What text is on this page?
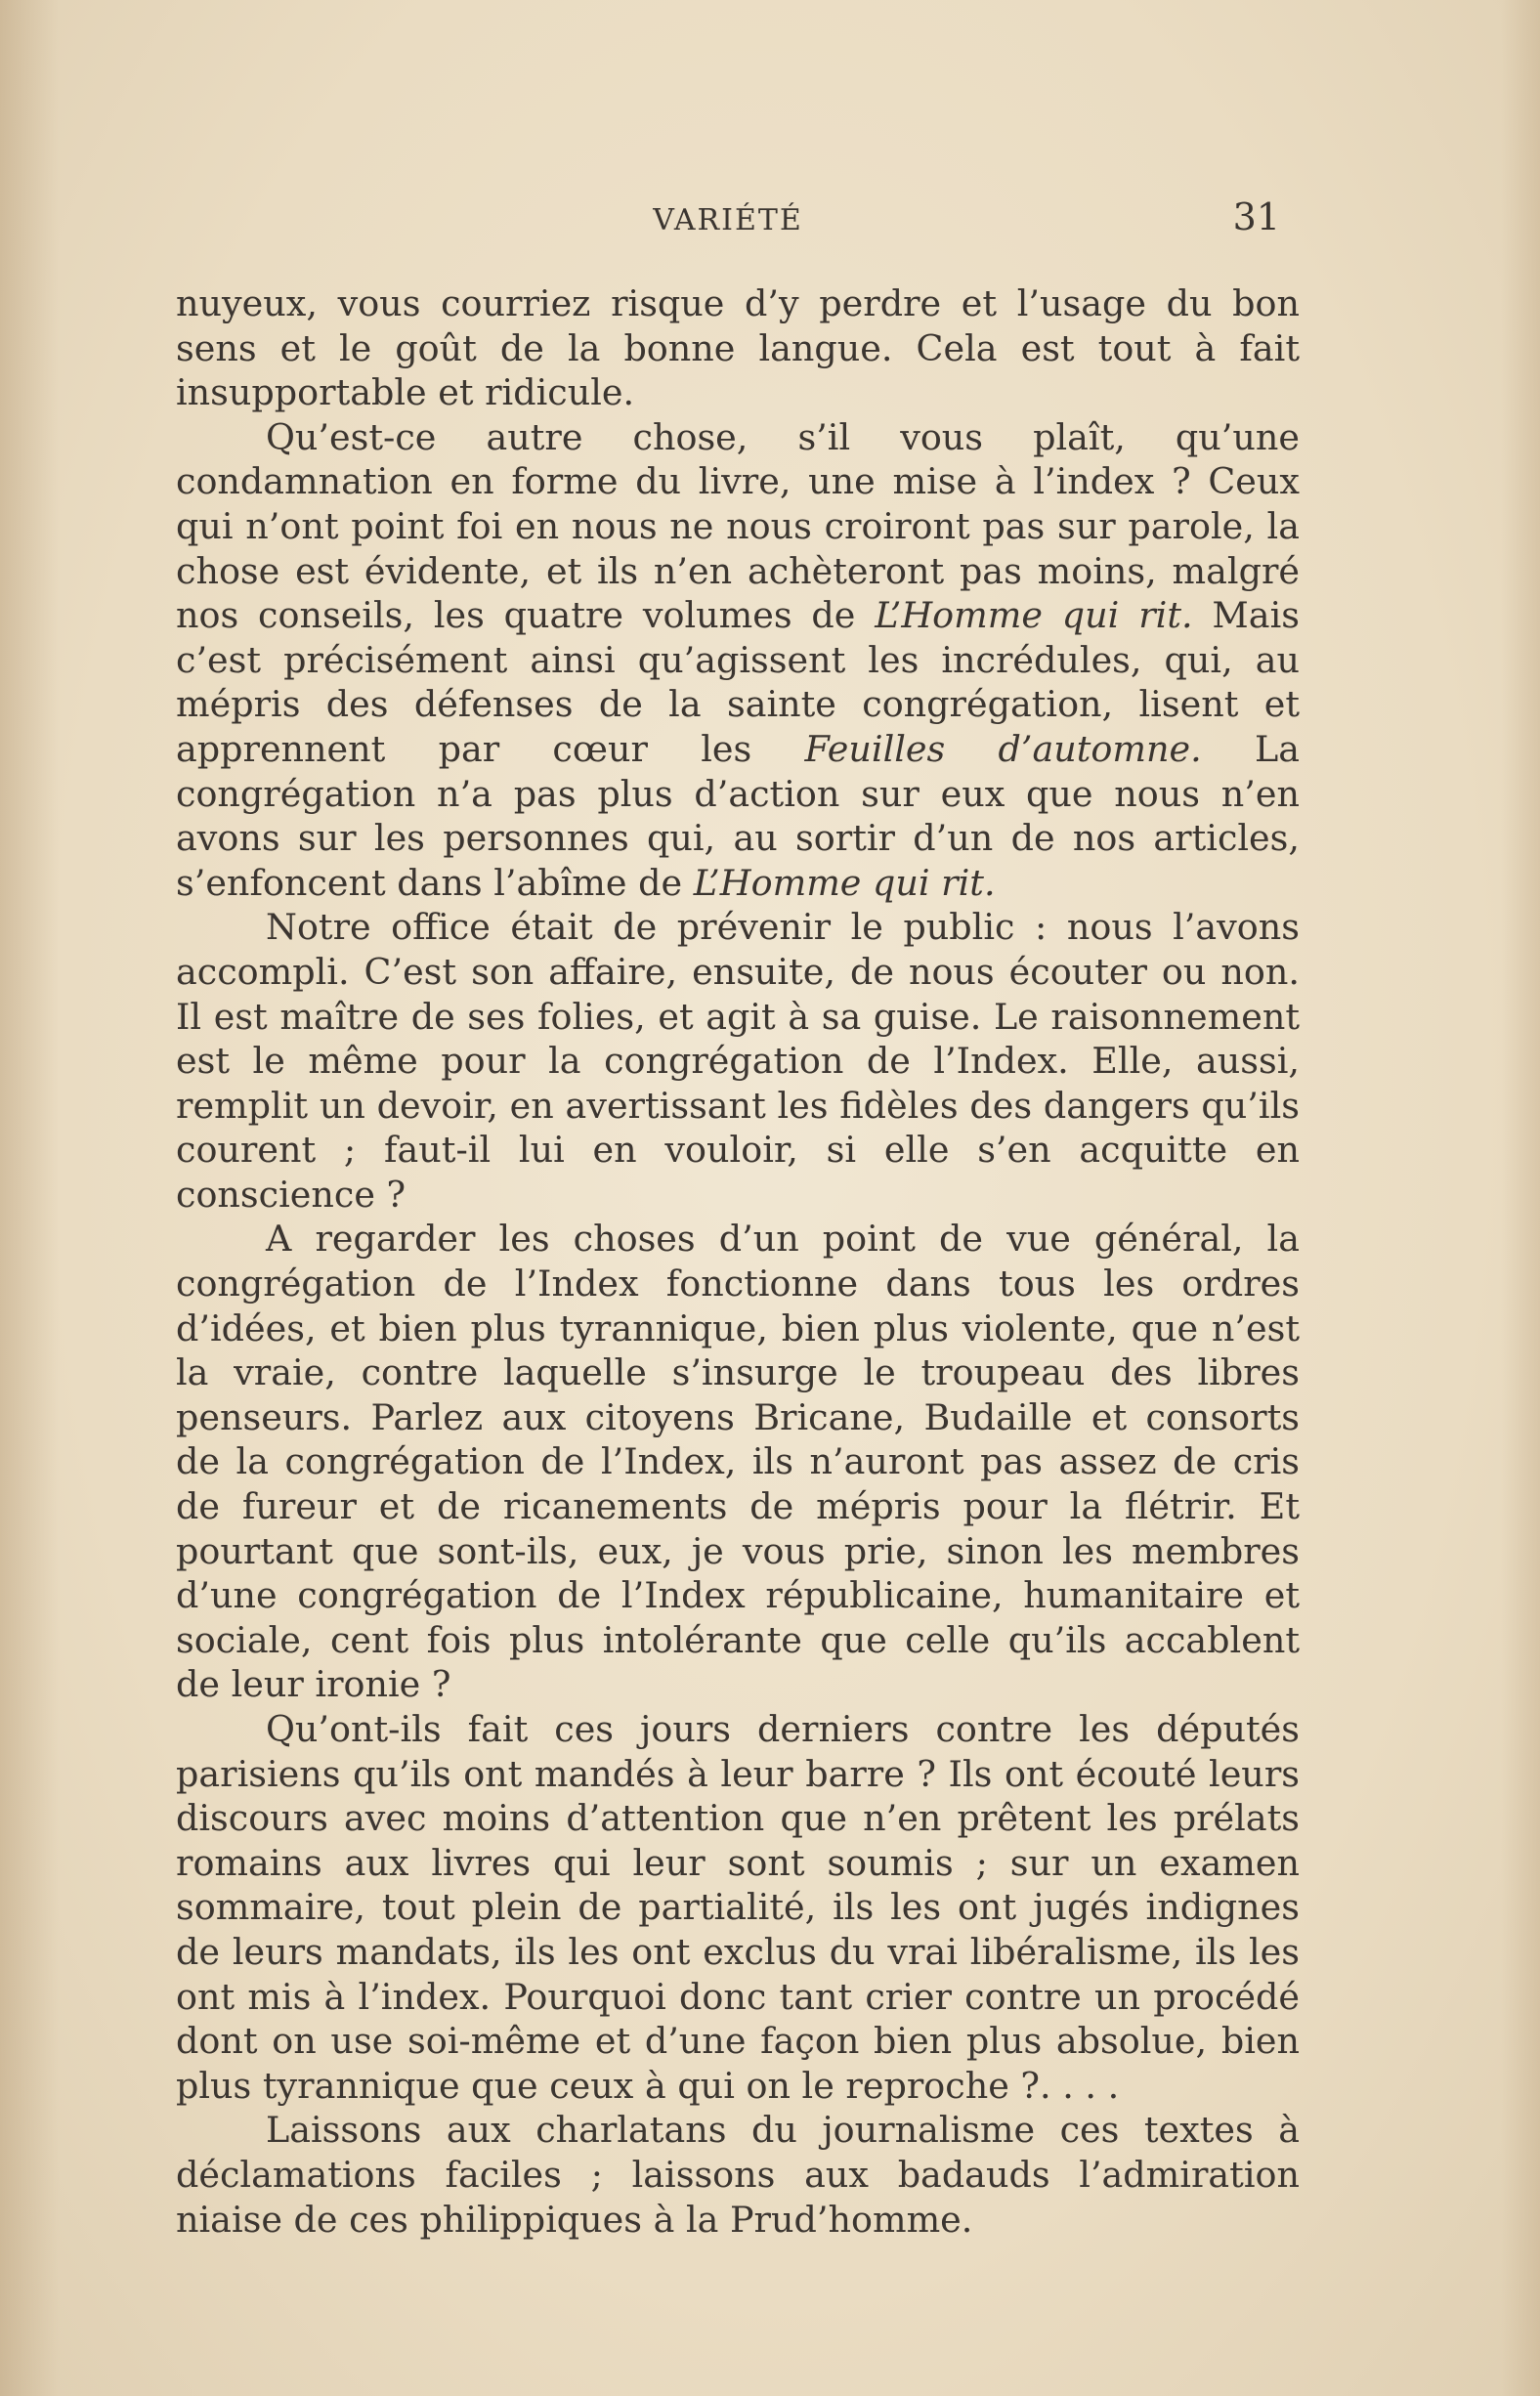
VARIÉTÉ	31

nuyeux, vous courriez risque d’y perdre et l’usage du bon sens et le goût de la bonne langue. Cela est tout à fait insupportable et ridicule.

Qu’est-ce autre chose, s’il vous plaît, qu’une condamnation en forme du livre, une mise à l’index ? Ceux qui n’ont point foi en nous ne nous croiront pas sur parole, la chose est évidente, et ils n’en achèteront pas moins, malgré nos conseils, les quatre volumes de L’Homme qui rit. Mais c’est précisément ainsi qu’agissent les incrédules, qui, au mépris des défenses de la sainte congrégation, lisent et apprennent par cœur les Feuilles d’automne. La congrégation n’a pas plus d’action sur eux que nous n’en avons sur les personnes qui, au sortir d’un de nos articles, s’enfoncent dans l’abîme de L’Homme qui rit.

Notre office était de prévenir le public : nous l’avons accompli. C’est son affaire, ensuite, de nous écouter ou non. Il est maître de ses folies, et agit à sa guise. Le raisonnement est le même pour la congrégation de l’Index. Elle, aussi, remplit un devoir, en avertissant les fidèles des dangers qu’ils courent ; faut-il lui en vouloir, si elle s’en acquitte en conscience ?

A regarder les choses d’un point de vue général, la congrégation de l’Index fonctionne dans tous les ordres d’idées, et bien plus tyrannique, bien plus violente, que n’est la vraie, contre laquelle s’insurge le troupeau des libres penseurs. Parlez aux citoyens Bricane, Budaille et consorts de la congrégation de l’Index, ils n’auront pas assez de cris de fureur et de ricanements de mépris pour la flétrir. Et pourtant que sont-ils, eux, je vous prie, sinon les membres d’une congrégation de l’Index républicaine, humanitaire et sociale, cent fois plus intolérante que celle qu’ils accablent de leur ironie ?

Qu’ont-ils fait ces jours derniers contre les députés parisiens qu’ils ont mandés à leur barre ? Ils ont écouté leurs discours avec moins d’attention que n’en prêtent les prélats romains aux livres qui leur sont soumis ; sur un examen sommaire, tout plein de partialité, ils les ont jugés indignes de leurs mandats, ils les ont exclus du vrai libéralisme, ils les ont mis à l’index. Pourquoi donc tant crier contre un procédé dont on use soi-même et d’une façon bien plus absolue, bien plus tyrannique que ceux à qui on le reproche ?. . . .

Laissons aux charlatans du journalisme ces textes à déclamations faciles ; laissons aux badauds l’admiration niaise de ces philippiques à la Prud’homme.
